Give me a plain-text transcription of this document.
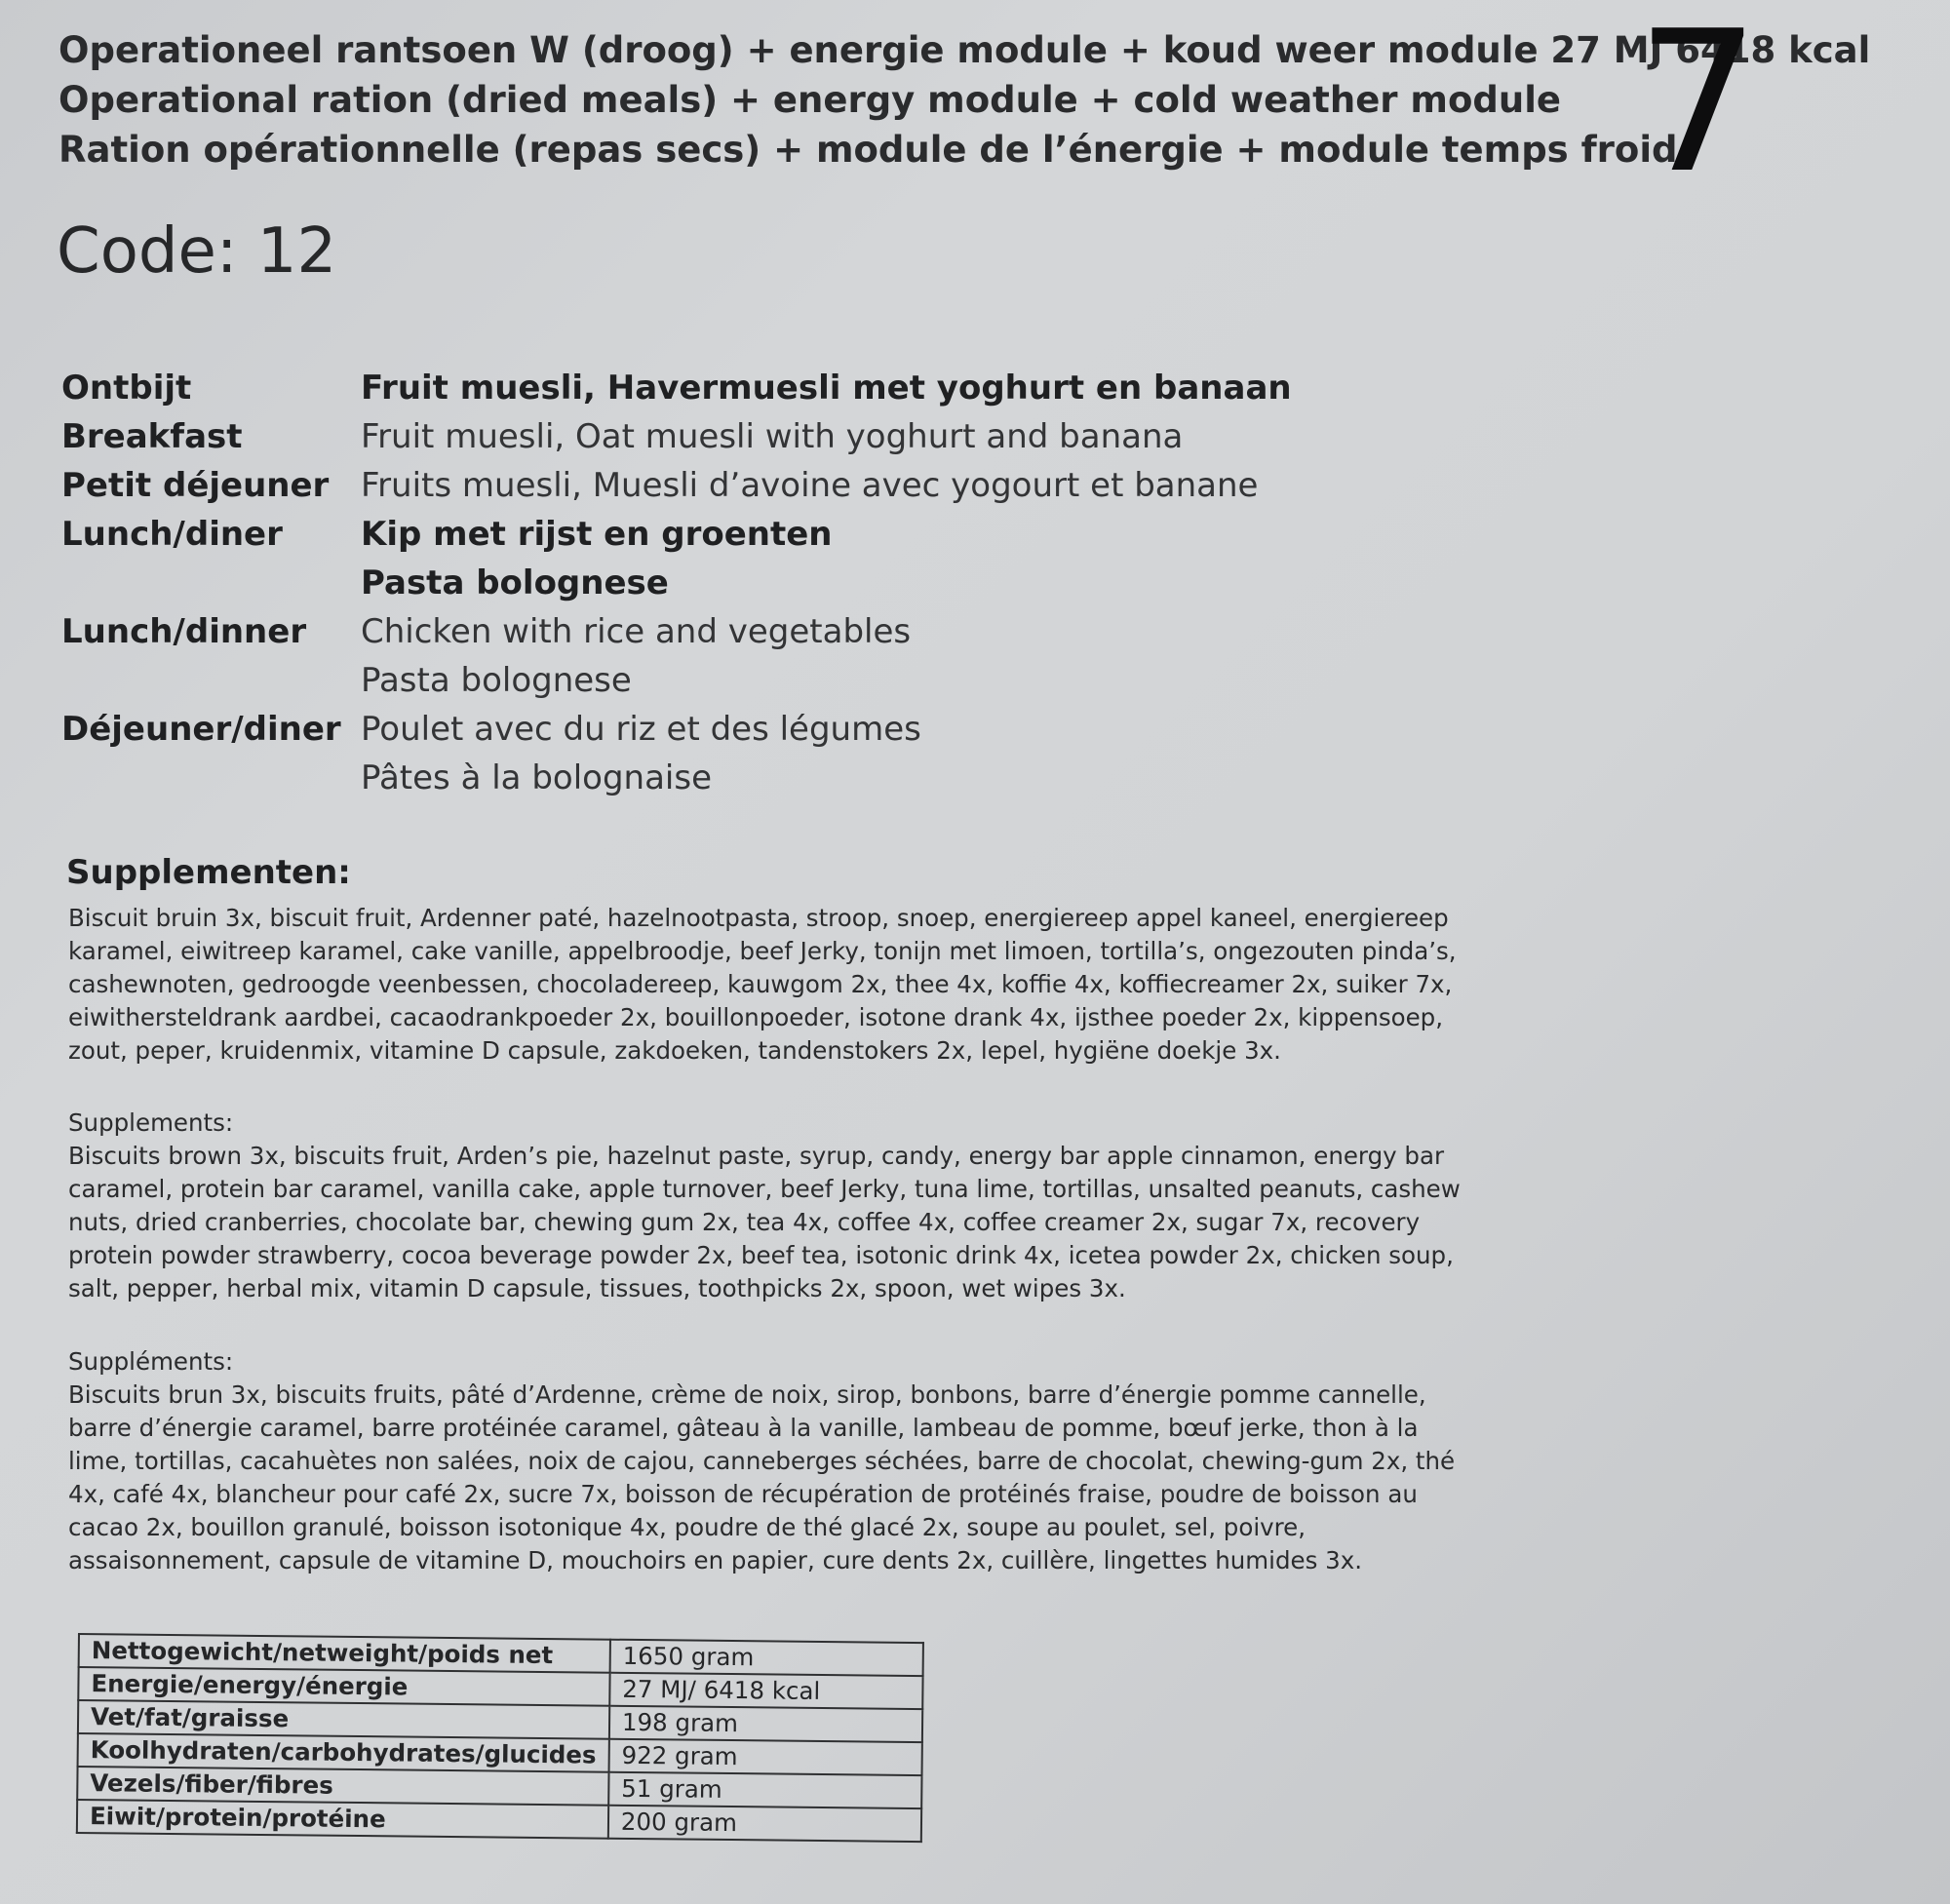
Operationeel rantsoen W (droog) + energie module + koud weer module 27 MJ 6418 kcal
Operational ration (dried meals) + energy module + cold weather module
Ration opérationnelle (repas secs) + module de l’énergie + module temps froid
7
Code: 12
Ontbijt	Fruit muesli, Havermuesli met yoghurt en banaan
Breakfast	Fruit muesli, Oat muesli with yoghurt and banana
Petit déjeuner Fruits muesli, Muesli d’avoine avec yogourt et banane
Lunch/diner Kip met rijst en groenten
Pasta bolognese
Lunch/dinner Chicken with rice and vegetables
Pasta bolognese
Déjeuner/diner Poulet avec du riz et des légumes
Pâtes à la bolognaise
Supplementen:
Biscuit bruin 3x, biscuit fruit, Ardenner paté, hazelnootpasta, stroop, snoep, energiereep appel kaneel, energiereep karamel, eiwitreep karamel, cake vanille, appelbroodje, beef Jerky, tonijn met limoen, tortilla’s, ongezouten pinda’s, cashewnoten, gedroogde veenbessen, chocoladereep, kauwgom 2x, thee 4x, koffie 4x, koffiecreamer 2x, suiker 7x, eiwithersteldrank aardbei, cacaodrankpoeder 2x, bouillonpoeder, isotone drank 4x, ijsthee poeder 2x, kippensoep, zout, peper, kruidenmix, vitamine D capsule, zakdoeken, tandenstokers 2x, lepel, hygiëne doekje 3x.
Supplements:
Biscuits brown 3x, biscuits fruit, Arden’s pie, hazelnut paste, syrup, candy, energy bar apple cinnamon, energy bar caramel, protein bar caramel, vanilla cake, apple turnover, beef Jerky, tuna lime, tortillas, unsalted peanuts, cashew nuts, dried cranberries, chocolate bar, chewing gum 2x, tea 4x, coffee 4x, coffee creamer 2x, sugar 7x, recovery protein powder strawberry, cocoa beverage powder 2x, beef tea, isotonic drink 4x, icetea powder 2x, chicken soup, salt, pepper, herbal mix, vitamin D capsule, tissues, toothpicks 2x, spoon, wet wipes 3x.
Suppléments:
Biscuits brun 3x, biscuits fruits, pâté d’Ardenne, crème de noix, sirop, bonbons, barre d’énergie pomme cannelle, barre d’énergie caramel, barre protéinée caramel, gâteau à la vanille, lambeau de pomme, bœuf jerke, thon à la lime, tortillas, cacahuètes non salées, noix de cajou, canneberges séchées, barre de chocolat, chewing-gum 2x, thé 4x, café 4x, blancheur pour café 2x, sucre 7x, boisson de récupération de protéinés fraise, poudre de boisson au cacao 2x, bouillon granulé, boisson isotonique 4x, poudre de thé glacé 2x, soupe au poulet, sel, poivre, assaisonnement, capsule de vitamine D, mouchoirs en papier, cure dents 2x, cuillère, lingettes humides 3x.
Nettogewicht/netweight/poids net	1650 gram
Energie/energy/énergie	27 MJ/ 6418 kcal
Vet/fat/graisse	198 gram
Koolhydraten/carbohydrates/glucides	922 gram
Vezels/fiber/fibres	51 gram
Eiwit/protein/protéine	200 gram
